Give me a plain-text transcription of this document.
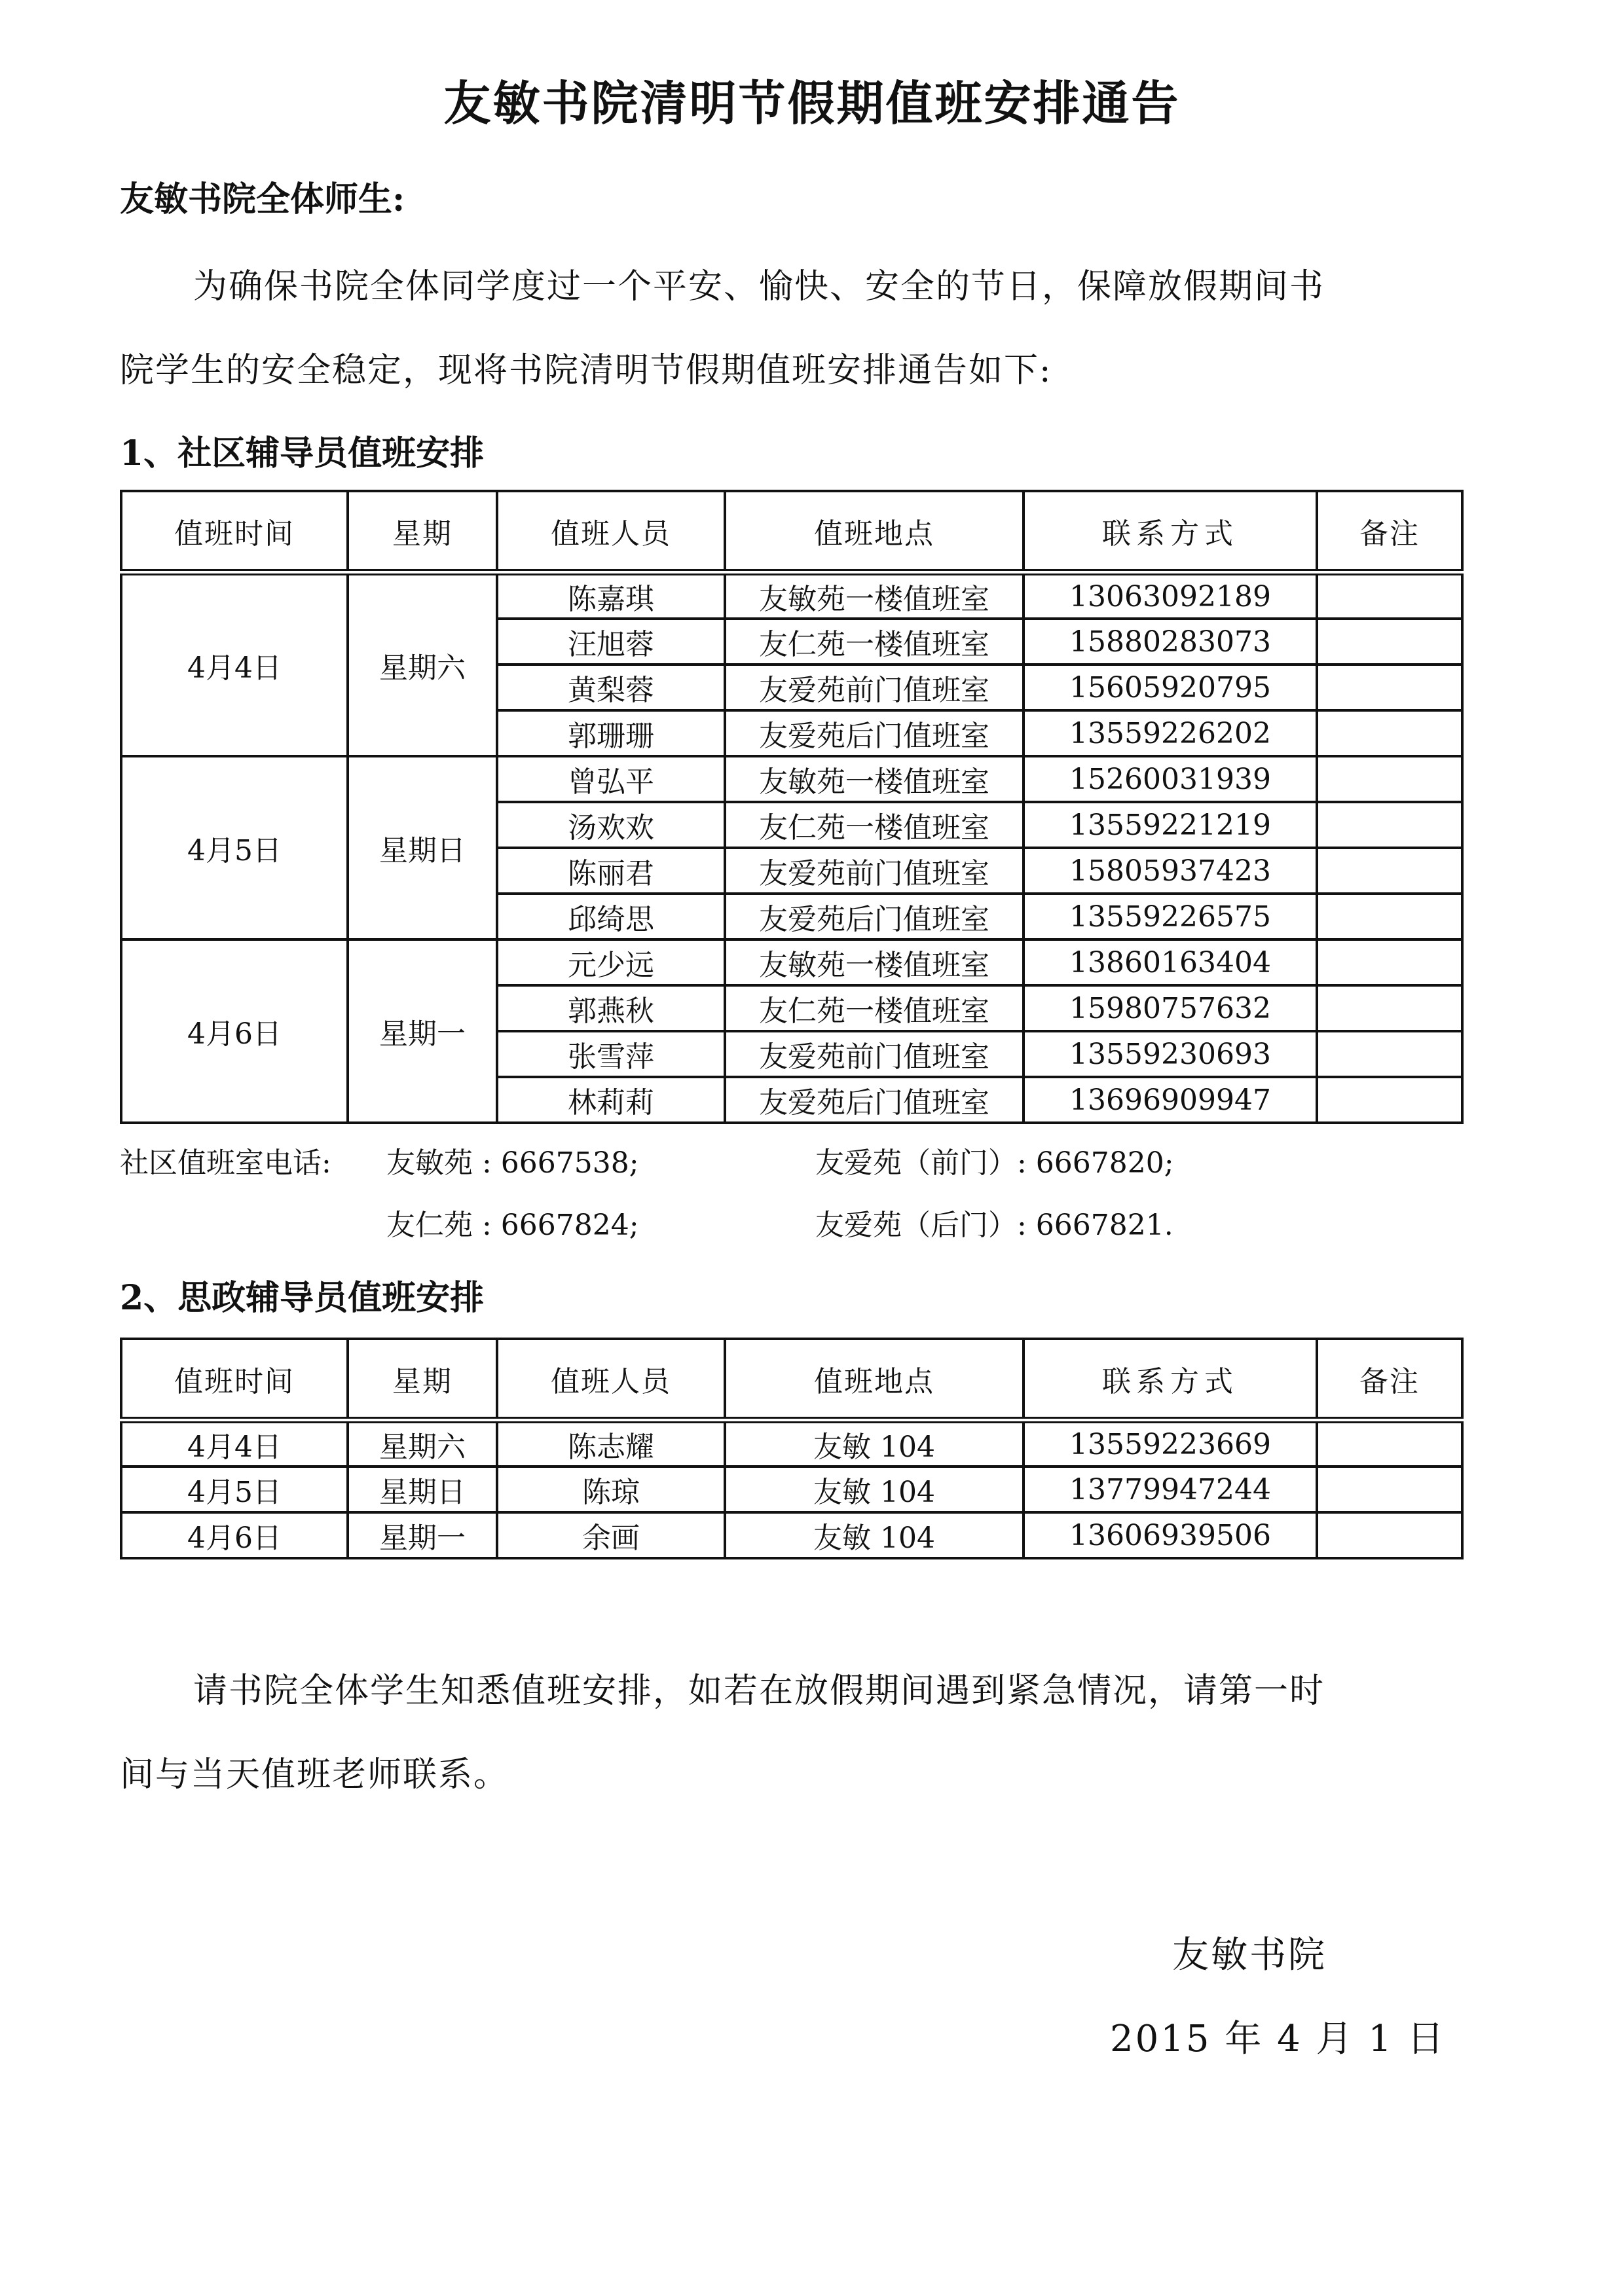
友敏书院清明节假期值班安排通告
友敏书院全体师生:
为确保书院全体同学度过一个平安、愉快、安全的节日，保障放假期间书
院学生的安全稳定，现将书院清明节假期值班安排通告如下:
1、社区辅导员值班安排
值班时间	星期	值班人员	值班地点	联系方式	备注
4月4日	星期六	陈嘉琪	友敏苑一楼值班室	13063092189	
		汪旭蓉	友仁苑一楼值班室	15880283073	
		黄梨蓉	友爱苑前门值班室	15605920795	
		郭珊珊	友爱苑后门值班室	13559226202	
4月5日	星期日	曾弘平	友敏苑一楼值班室	15260031939	
		汤欢欢	友仁苑一楼值班室	13559221219	
		陈丽君	友爱苑前门值班室	15805937423	
		邱绮思	友爱苑后门值班室	13559226575	
4月6日	星期一	元少远	友敏苑一楼值班室	13860163404	
		郭燕秋	友仁苑一楼值班室	15980757632	
		张雪萍	友爱苑前门值班室	13559230693	
		林莉莉	友爱苑后门值班室	13696909947	
社区值班室电话: 友敏苑 : 6667538;	友爱苑（前门）: 6667820;
友仁苑 : 6667824;	友爱苑（后门）: 6667821.
2、思政辅导员值班安排
值班时间	星期	值班人员	值班地点	联系方式	备注
4月4日	星期六	陈志耀	友敏 104	13559223669	
4月5日	星期日	陈琼	友敏 104	13779947244	
4月6日	星期一	余画	友敏 104	13606939506	
请书院全体学生知悉值班安排，如若在放假期间遇到紧急情况，请第一时
间与当天值班老师联系。
友敏书院
2015 年 4 月 1 日
